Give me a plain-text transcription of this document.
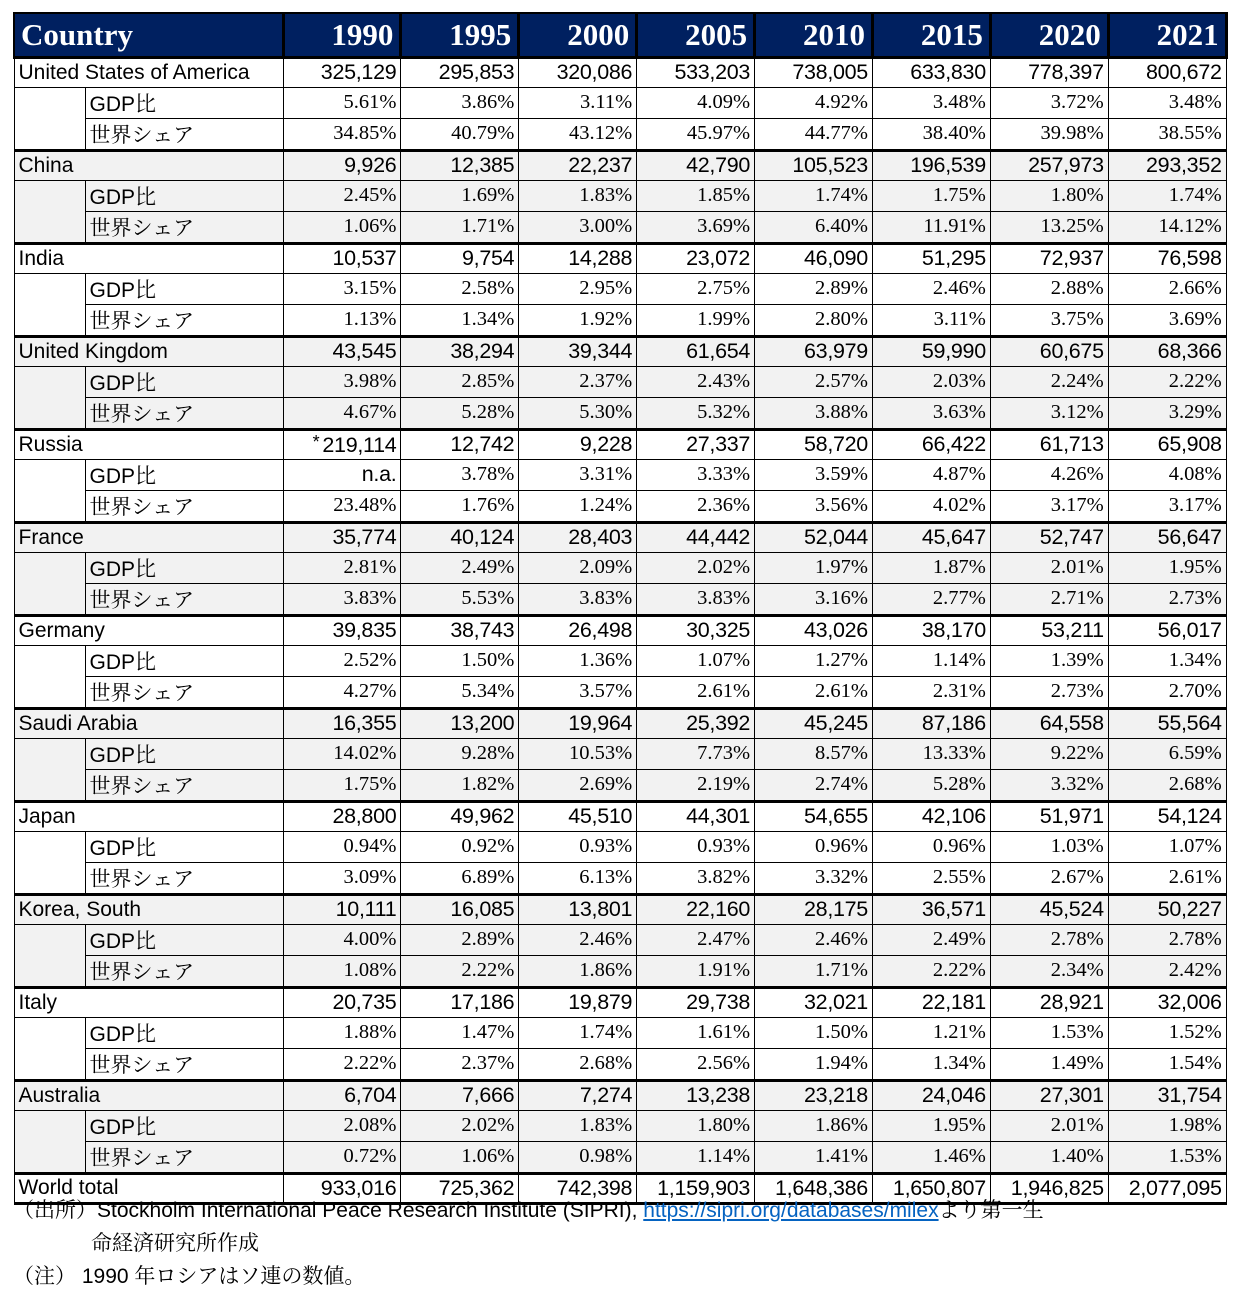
Country		1990	1995	2000	2005	2010	2015	2020	2021
United States of America		325,129	295,853	320,086	533,203	738,005	633,830	778,397	800,672
	GDP比	5.61%	3.86%	3.11%	4.09%	4.92%	3.48%	3.72%	3.48%
	世界シェア	34.85%	40.79%	43.12%	45.97%	44.77%	38.40%	39.98%	38.55%
China		9,926	12,385	22,237	42,790	105,523	196,539	257,973	293,352
	GDP比	2.45%	1.69%	1.83%	1.85%	1.74%	1.75%	1.80%	1.74%
	世界シェア	1.06%	1.71%	3.00%	3.69%	6.40%	11.91%	13.25%	14.12%
India		10,537	9,754	14,288	23,072	46,090	51,295	72,937	76,598
	GDP比	3.15%	2.58%	2.95%	2.75%	2.89%	2.46%	2.88%	2.66%
	世界シェア	1.13%	1.34%	1.92%	1.99%	2.80%	3.11%	3.75%	3.69%
United Kingdom		43,545	38,294	39,344	61,654	63,979	59,990	60,675	68,366
	GDP比	3.98%	2.85%	2.37%	2.43%	2.57%	2.03%	2.24%	2.22%
	世界シェア	4.67%	5.28%	5.30%	5.32%	3.88%	3.63%	3.12%	3.29%
Russia		* 219,114	12,742	9,228	27,337	58,720	66,422	61,713	65,908
	GDP比	n.a.	3.78%	3.31%	3.33%	3.59%	4.87%	4.26%	4.08%
	世界シェア	23.48%	1.76%	1.24%	2.36%	3.56%	4.02%	3.17%	3.17%
France		35,774	40,124	28,403	44,442	52,044	45,647	52,747	56,647
	GDP比	2.81%	2.49%	2.09%	2.02%	1.97%	1.87%	2.01%	1.95%
	世界シェア	3.83%	5.53%	3.83%	3.83%	3.16%	2.77%	2.71%	2.73%
Germany		39,835	38,743	26,498	30,325	43,026	38,170	53,211	56,017
	GDP比	2.52%	1.50%	1.36%	1.07%	1.27%	1.14%	1.39%	1.34%
	世界シェア	4.27%	5.34%	3.57%	2.61%	2.61%	2.31%	2.73%	2.70%
Saudi Arabia		16,355	13,200	19,964	25,392	45,245	87,186	64,558	55,564
	GDP比	14.02%	9.28%	10.53%	7.73%	8.57%	13.33%	9.22%	6.59%
	世界シェア	1.75%	1.82%	2.69%	2.19%	2.74%	5.28%	3.32%	2.68%
Japan		28,800	49,962	45,510	44,301	54,655	42,106	51,971	54,124
	GDP比	0.94%	0.92%	0.93%	0.93%	0.96%	0.96%	1.03%	1.07%
	世界シェア	3.09%	6.89%	6.13%	3.82%	3.32%	2.55%	2.67%	2.61%
Korea, South		10,111	16,085	13,801	22,160	28,175	36,571	45,524	50,227
	GDP比	4.00%	2.89%	2.46%	2.47%	2.46%	2.49%	2.78%	2.78%
	世界シェア	1.08%	2.22%	1.86%	1.91%	1.71%	2.22%	2.34%	2.42%
Italy		20,735	17,186	19,879	29,738	32,021	22,181	28,921	32,006
	GDP比	1.88%	1.47%	1.74%	1.61%	1.50%	1.21%	1.53%	1.52%
	世界シェア	2.22%	2.37%	2.68%	2.56%	1.94%	1.34%	1.49%	1.54%
Australia		6,704	7,666	7,274	13,238	23,218	24,046	27,301	31,754
	GDP比	2.08%	2.02%	1.83%	1.80%	1.86%	1.95%	2.01%	1.98%
	世界シェア	0.72%	1.06%	0.98%	1.14%	1.41%	1.46%	1.40%	1.53%
World total		933,016	725,362	742,398	1,159,903	1,648,386	1,650,807	1,946,825	2,077,095
（出所）Stockholm International Peace Research Institute (SIPRI), https://sipri.org/databases/milexより第一生
命経済研究所作成
（注） 1990 年ロシアはソ連の数値。
